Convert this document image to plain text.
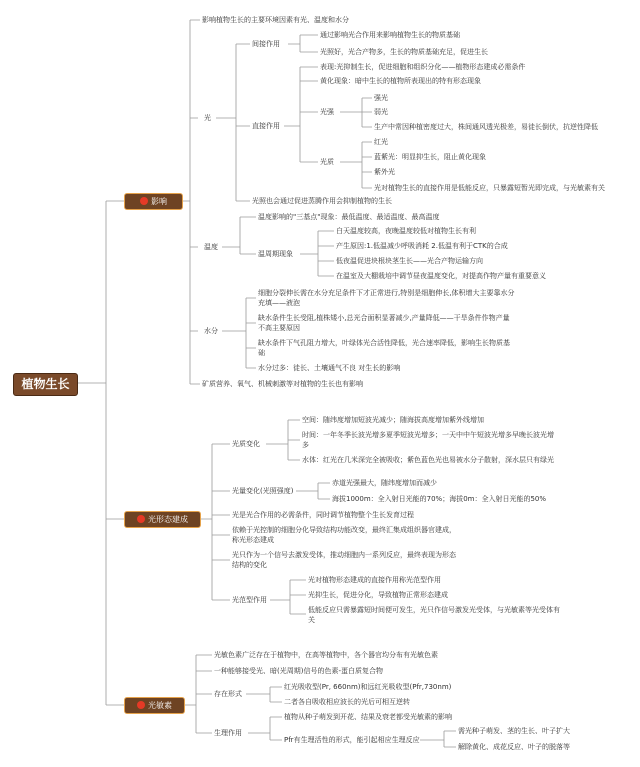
植物生长
影响
光形态建成
光敏素
影响植物生长的主要环境因素有光、温度和水分
光
间接作用
通过影响光合作用来影响植物生长的物质基础
光照好，光合产物多，生长的物质基础充足，促进生长
直接作用
表现:光抑制生长，促进细胞和组织分化——植物形态建成必需条件
黄化现象：暗中生长的植物所表现出的特有形态现象
光强
强光
弱光
生产中常因种植密度过大，株间通风透光极差，易徒长倒伏，抗逆性降低
光质
红光
蓝紫光：明显抑生长，阻止黄化现象
紫外光
光对植物生长的直接作用是低能反应，只暴露短暂光即完成，与光敏素有关
光照也会通过促进蒸腾作用会抑制植物的生长
温度
温度影响的"三基点"现象：最低温度、最适温度、最高温度
温周期现象
白天温度较高，夜晚温度较低对植物生长有利
产生原因:1.低温减少呼吸消耗 2.低温有利于CTK的合成
低夜温促进块根块茎生长——光合产物运输方向
在温室及大棚栽培中调节昼夜温度变化，对提高作物产量有重要意义
水分
细胞分裂伸长需在水分充足条件下才正常进行,特别是细胞伸长,体积增大主要靠水分充填——液泡
缺水条件生长受阻,植株矮小,总光合面积显著减少,产量降低——干旱条件作物产量不高主要原因
缺水条件下气孔阻力增大，叶绿体光合活性降低，光合速率降低，影响生长物质基础
水分过多：徒长、土壤通气不良 对生长的影响
矿质营养、氧气、机械刺激等对植物的生长也有影响
光质变化
空间：随纬度增加短波光减少；随海拔高度增加紫外线增加
时间：一年冬季长波光增多夏季短波光增多；一天中中午短波光增多早晚长波光增多
水体：红光在几米深完全被吸收；紫色蓝色光也易被水分子散射，深水层只有绿光
光量变化(光照强度)
赤道光强最大，随纬度增加而减少
海拔1000m：全入射日光能的70%；海拔0m：全入射日光能的50%
光是光合作用的必需条件，同时调节植物整个生长发育过程
依赖于光控制的细胞分化导致结构功能改变，最终汇集成组织器官建成，称光形态建成
光只作为一个信号去激发受体，推动细胞内一系列反应，最终表现为形态结构的变化
光范型作用
光对植物形态建成的直接作用称光范型作用
光抑生长，促进分化，导致植物正常形态建成
低能反应只需暴露短时间便可发生，光只作信号激发光受体，与光敏素等光受体有关
光敏色素广泛存在于植物中，在高等植物中，各个器官均分布有光敏色素
一种能够接受光、暗(光周期)信号的色素-蛋白质复合物
存在形式
红光吸收型(Pr, 660nm)和远红光吸收型(Pfr,730nm)
二者各自吸收相应波长的光后可相互逆转
生理作用
植物从种子萌发到开花、结果及衰老都受光敏素的影响
Pfr有生理活性的形式，能引起相应生理反应
需光种子萌发、茎的生长、叶子扩大
解除黄化、成花反应、叶子的脱落等
